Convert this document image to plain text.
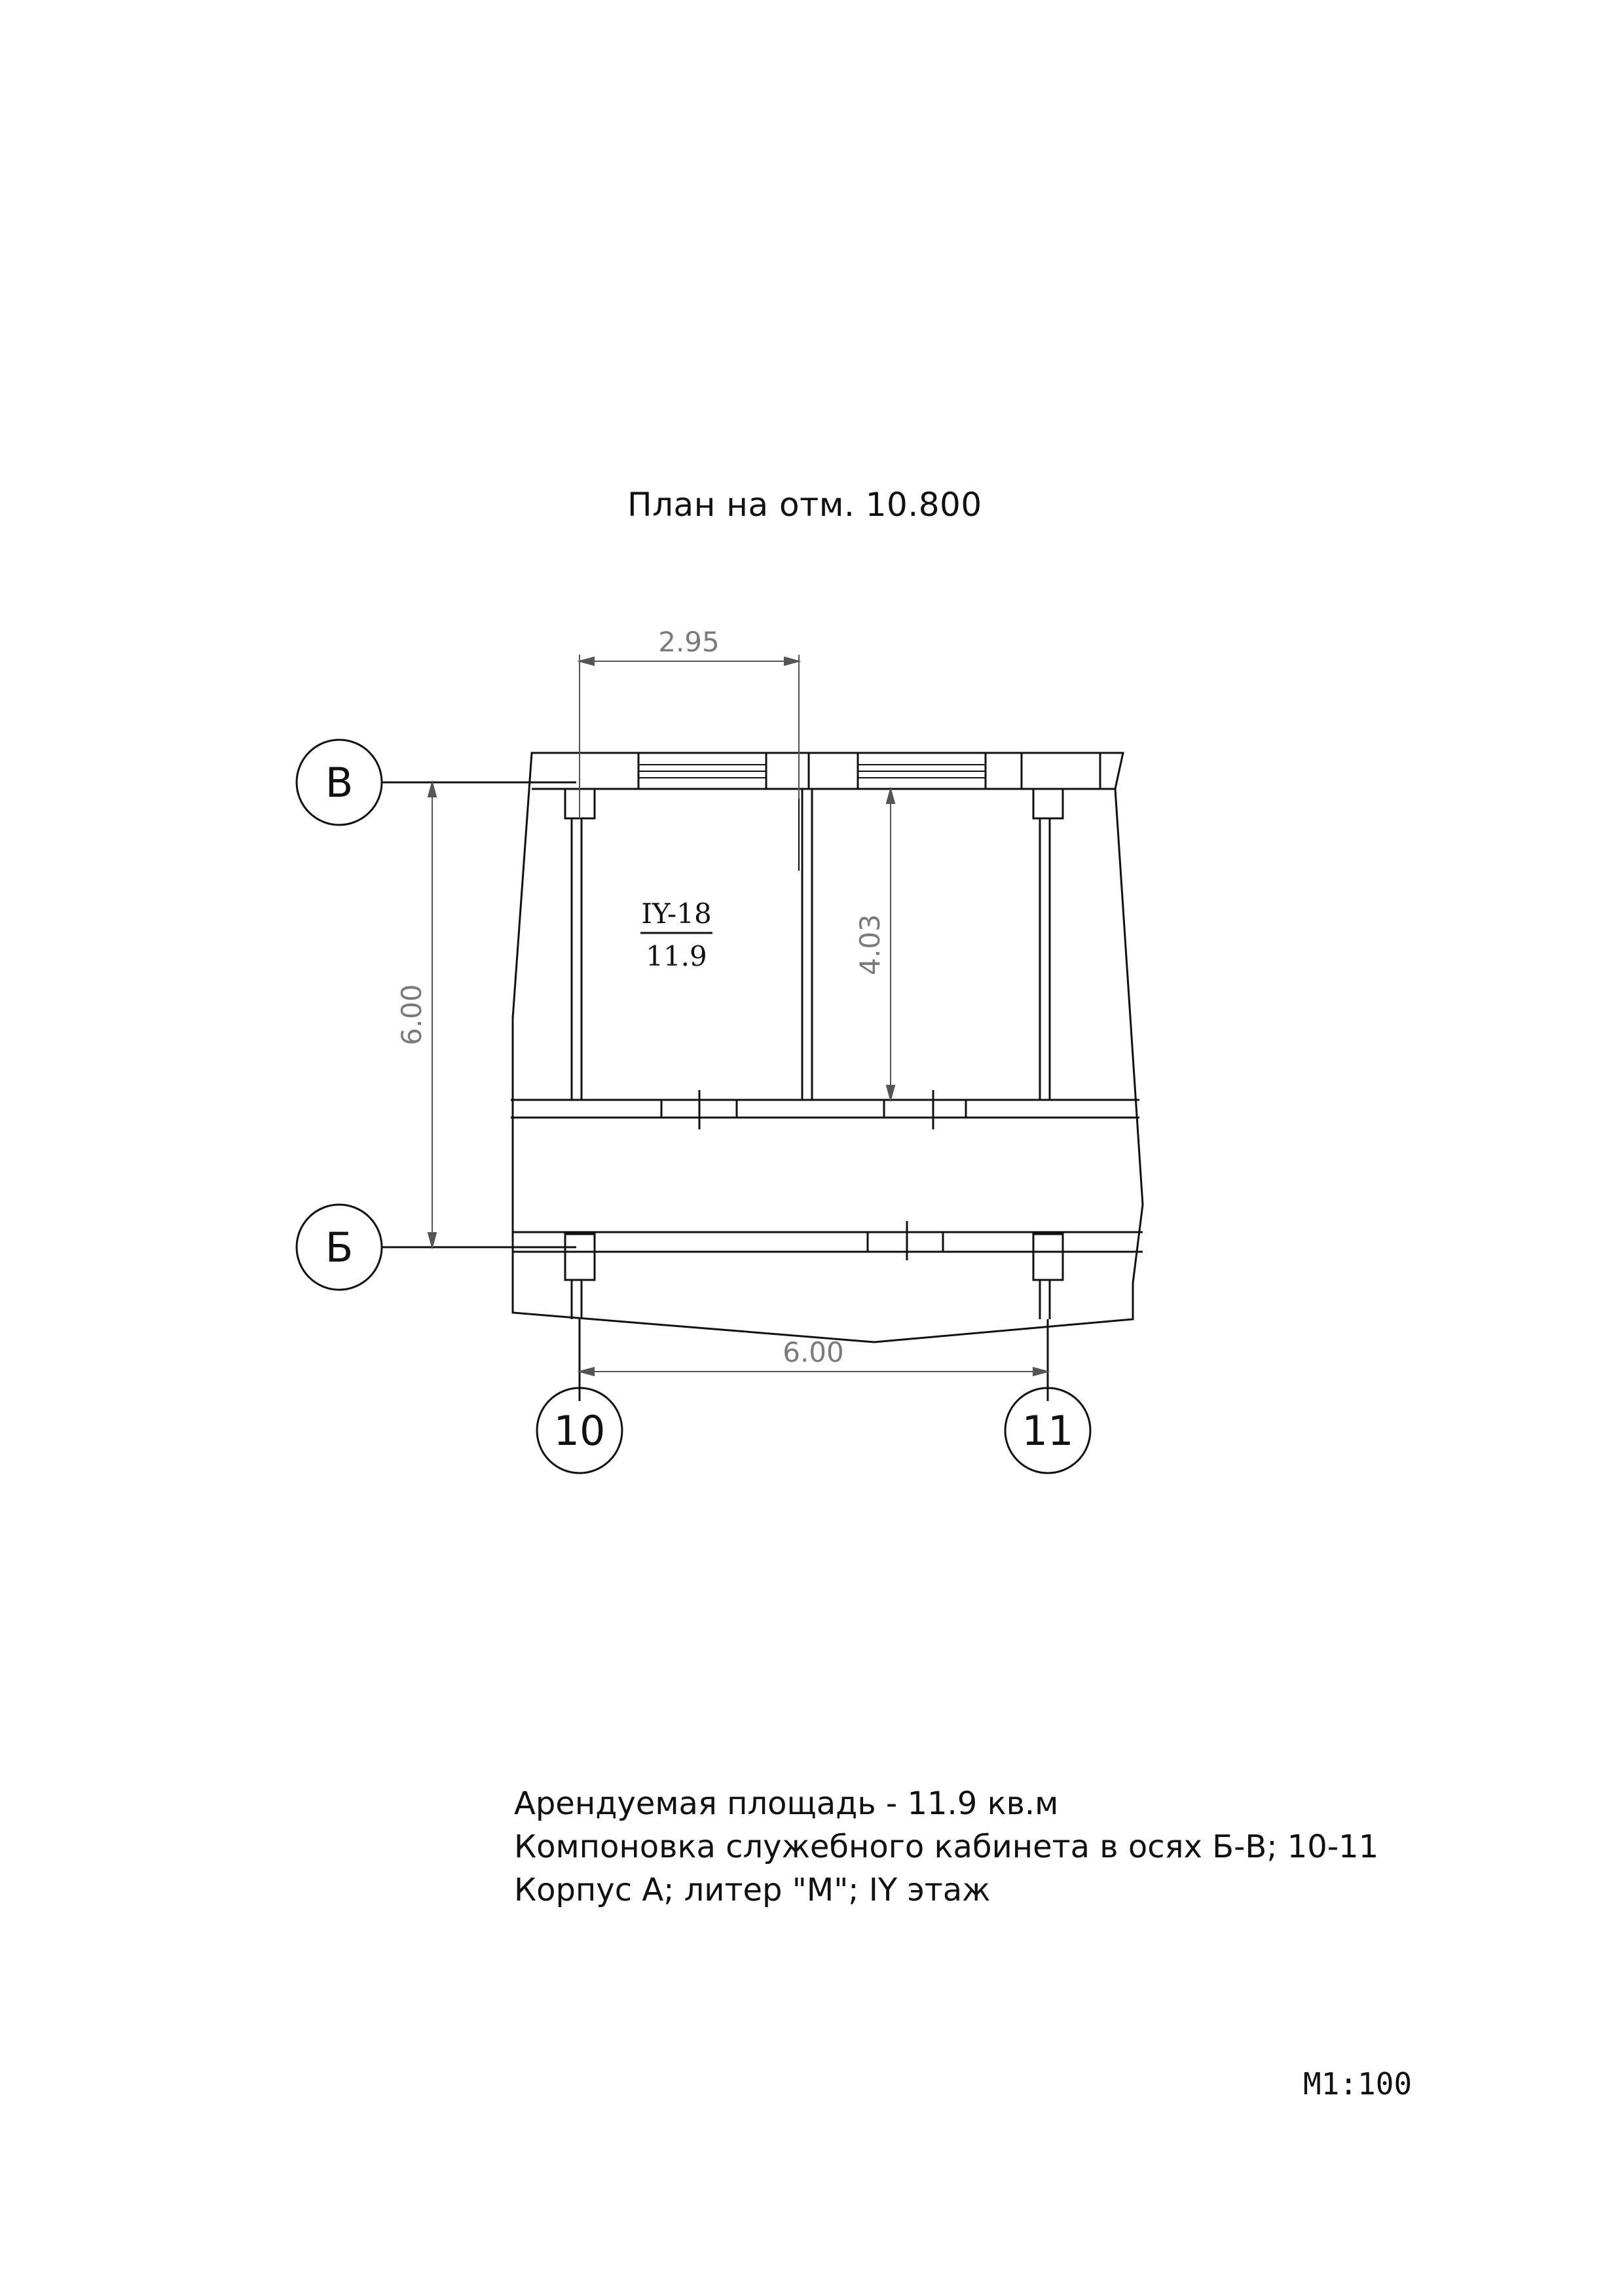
План на отм. 10.800
В
Б
10	11
2.95
6.00
4.03
6.00
IY-18
11.9
Арендуемая площадь - 11.9 кв.м
Компоновка служебного кабинета в осях Б-В; 10-11
Корпус А; литер "М"; IY этаж
М1:100
